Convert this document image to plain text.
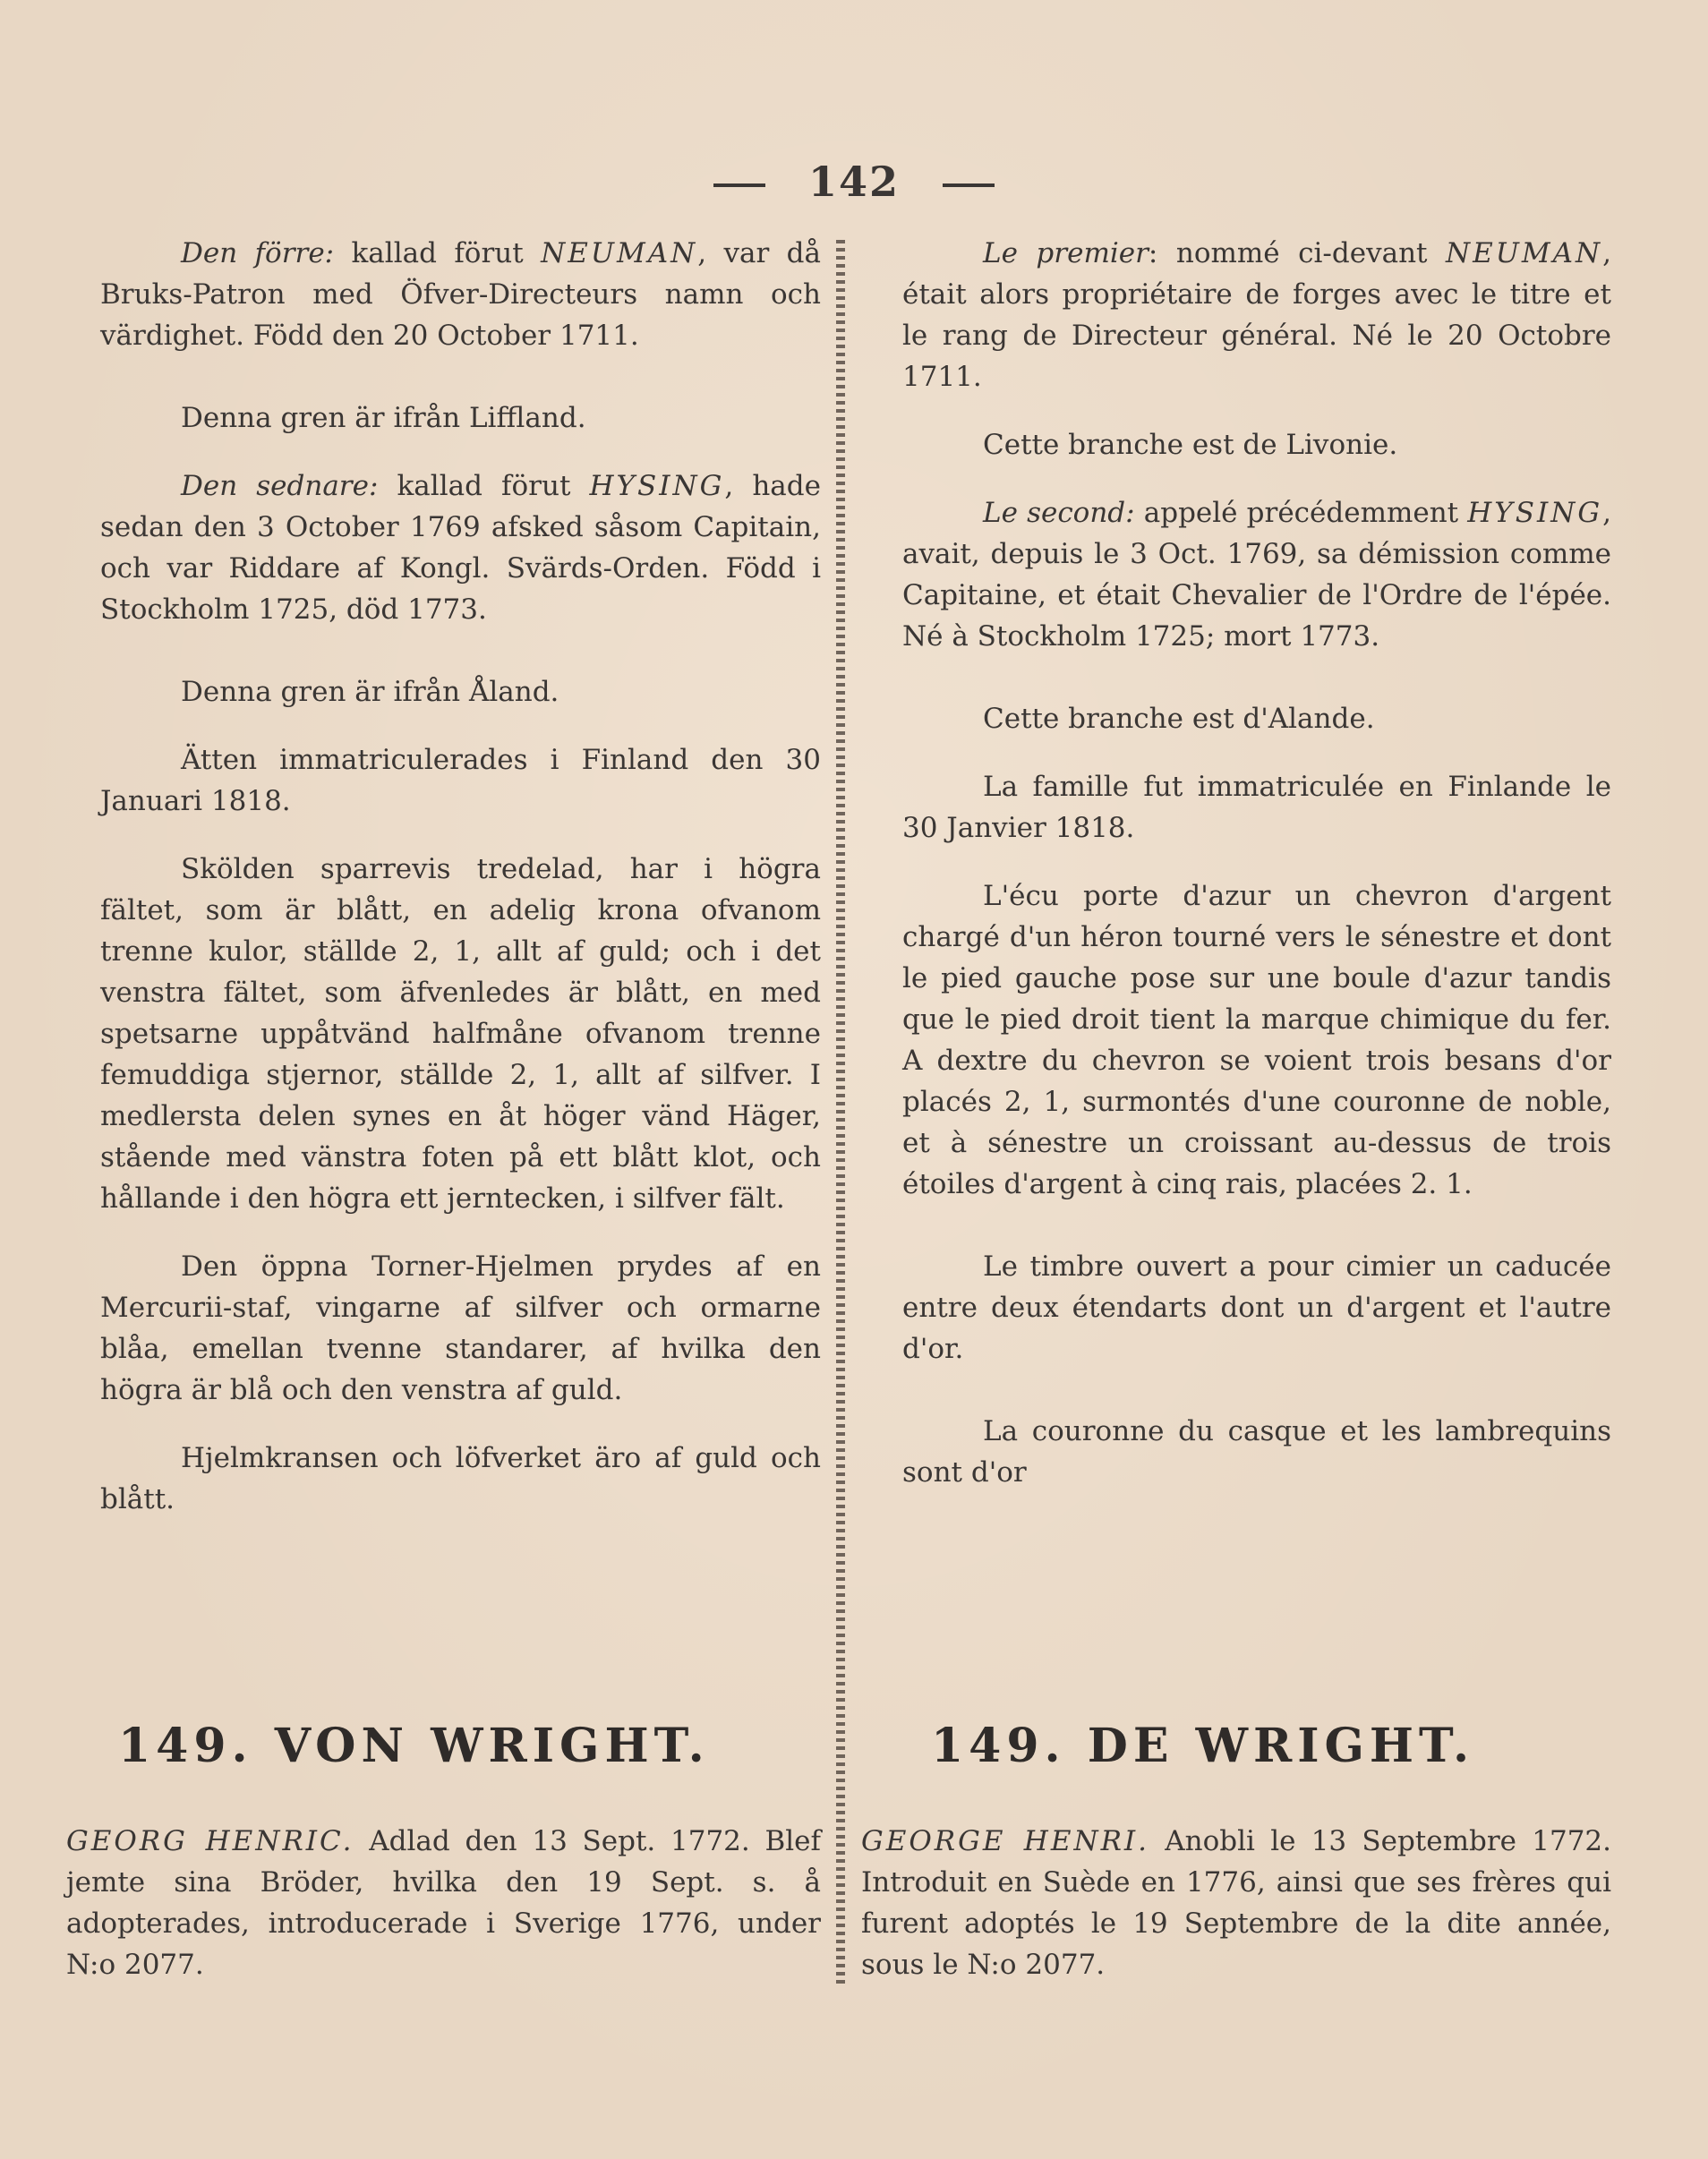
142

Den förre: kallad förut NEUMAN, var då Bruks-Patron med Öfver-Directeurs namn och värdighet. Född den 20 October 1711.

Denna gren är ifrån Liffland.

Den sednare: kallad förut HYSING, hade sedan den 3 October 1769 afsked såsom Capitain, och var Riddare af Kongl. Svärds-Orden. Född i Stockholm 1725, död 1773.

Denna gren är ifrån Åland.

Ätten immatriculerades i Finland den 30 Januari 1818.

Skölden sparrevis tredelad, har i högra fältet, som är blått, en adelig krona ofvanom trenne kulor, ställde 2, 1, allt af guld; och i det venstra fältet, som äfvenledes är blått, en med spetsarne uppåtvänd halfmåne ofvanom trenne femuddiga stjernor, ställde 2, 1, allt af silfver. I medlersta delen synes en åt höger vänd Häger, stående med vänstra foten på ett blått klot, och hållande i den högra ett jerntecken, i silfver fält.

Den öppna Torner-Hjelmen prydes af en Mercurii-staf, vingarne af silfver och ormarne blåa, emellan tvenne standarer, af hvilka den högra är blå och den venstra af guld.

Hjelmkransen och löfverket äro af guld och blått.

Le premier: nommé ci-devant NEUMAN, était alors propriétaire de forges avec le titre et le rang de Directeur général. Né le 20 Octobre 1711.

Cette branche est de Livonie.

Le second: appelé précédemment HYSING, avait, depuis le 3 Oct. 1769, sa démission comme Capitaine, et était Chevalier de l'Ordre de l'épée. Né à Stockholm 1725; mort 1773.

Cette branche est d'Alande.

La famille fut immatriculée en Finlande le 30 Janvier 1818.

L'écu porte d'azur un chevron d'argent chargé d'un héron tourné vers le sénestre et dont le pied gauche pose sur une boule d'azur tandis que le pied droit tient la marque chimique du fer. A dextre du chevron se voient trois besans d'or placés 2, 1, surmontés d'une couronne de noble, et à sénestre un croissant au-dessus de trois étoiles d'argent à cinq rais, placées 2. 1.

Le timbre ouvert a pour cimier un caducée entre deux étendarts dont un d'argent et l'autre d'or.

La couronne du casque et les lambrequins sont d'or

149. VON WRIGHT.	149. DE WRIGHT.
GEORG HENRIC. Adlad den 13 Sept. 1772. Blef jemte sina Bröder, hvilka den 19 Sept. s. å adopterades, introducerade i Sverige 1776, under N:o 2077.
GEORGE HENRI. Anobli le 13 Septembre 1772. Introduit en Suède en 1776, ainsi que ses frères qui furent adoptés le 19 Septembre de la dite année, sous le N:o 2077.
